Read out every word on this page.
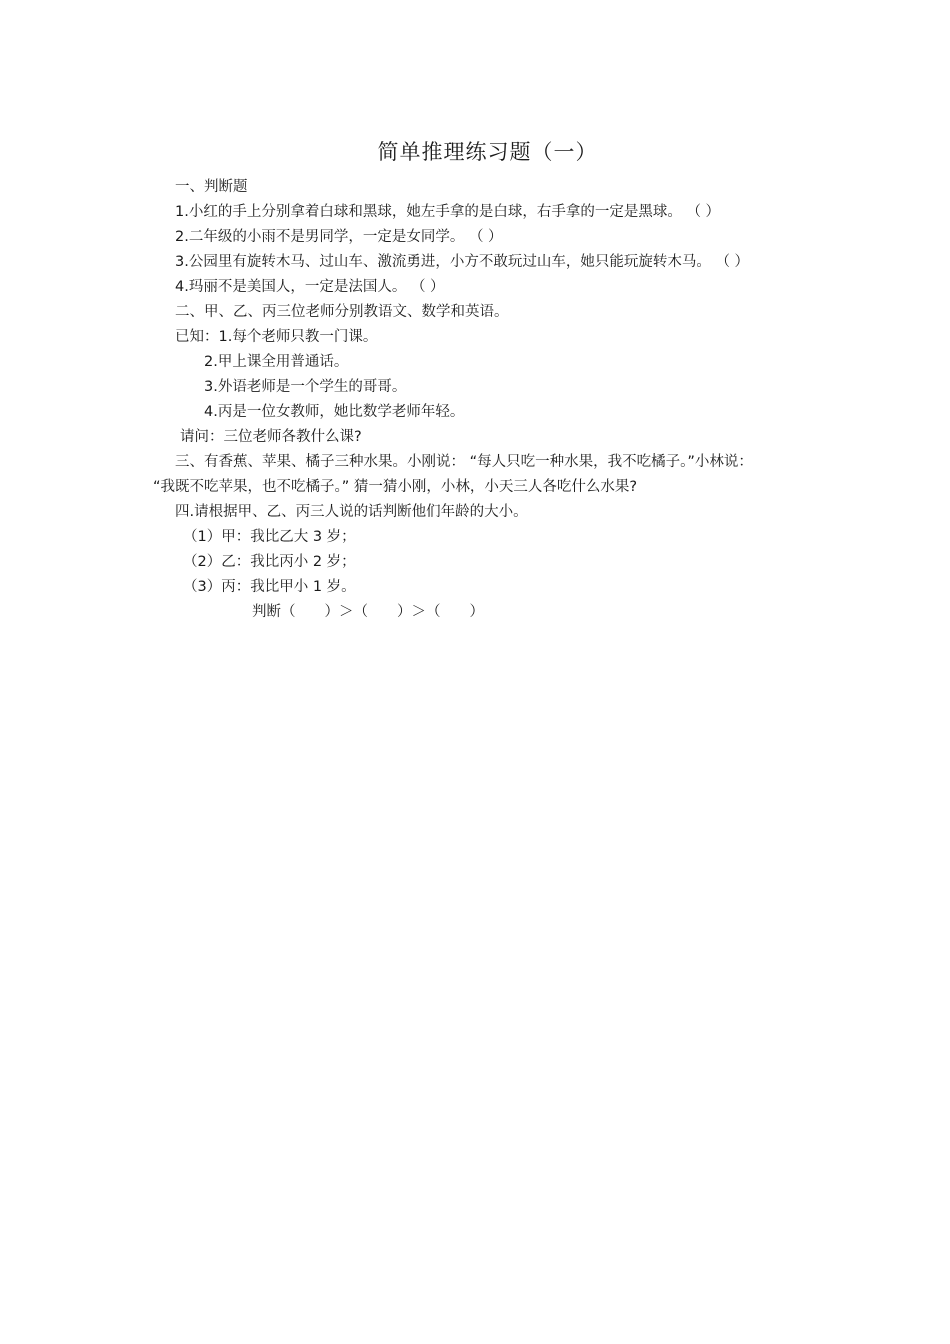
简单推理练习题（一）
一、判断题
1.小红的手上分别拿着白球和黑球，她左手拿的是白球，右手拿的一定是黑球。 （ ）
2.二年级的小雨不是男同学，一定是女同学。 （ ）
3.公园里有旋转木马、过山车、激流勇进，小方不敢玩过山车，她只能玩旋转木马。 （ ）
4.玛丽不是美国人，一定是法国人。 （ ）
二、甲、乙、丙三位老师分别教语文、数学和英语。
已知：1.每个老师只教一门课。
2.甲上课全用普通话。
3.外语老师是一个学生的哥哥。
4.丙是一位女教师，她比数学老师年轻。
请问：三位老师各教什么课?
三、有香蕉、苹果、橘子三种水果。小刚说： “每人只吃一种水果，我不吃橘子。”小林说：
“我既不吃苹果，也不吃橘子。” 猜一猜小刚，小林，小天三人各吃什么水果?
四.请根据甲、乙、丙三人说的话判断他们年龄的大小。
（1）甲：我比乙大 3 岁；
（2）乙：我比丙小 2 岁；
（3）丙：我比甲小 1 岁。
判断（　　）＞（　　）＞（　　）
